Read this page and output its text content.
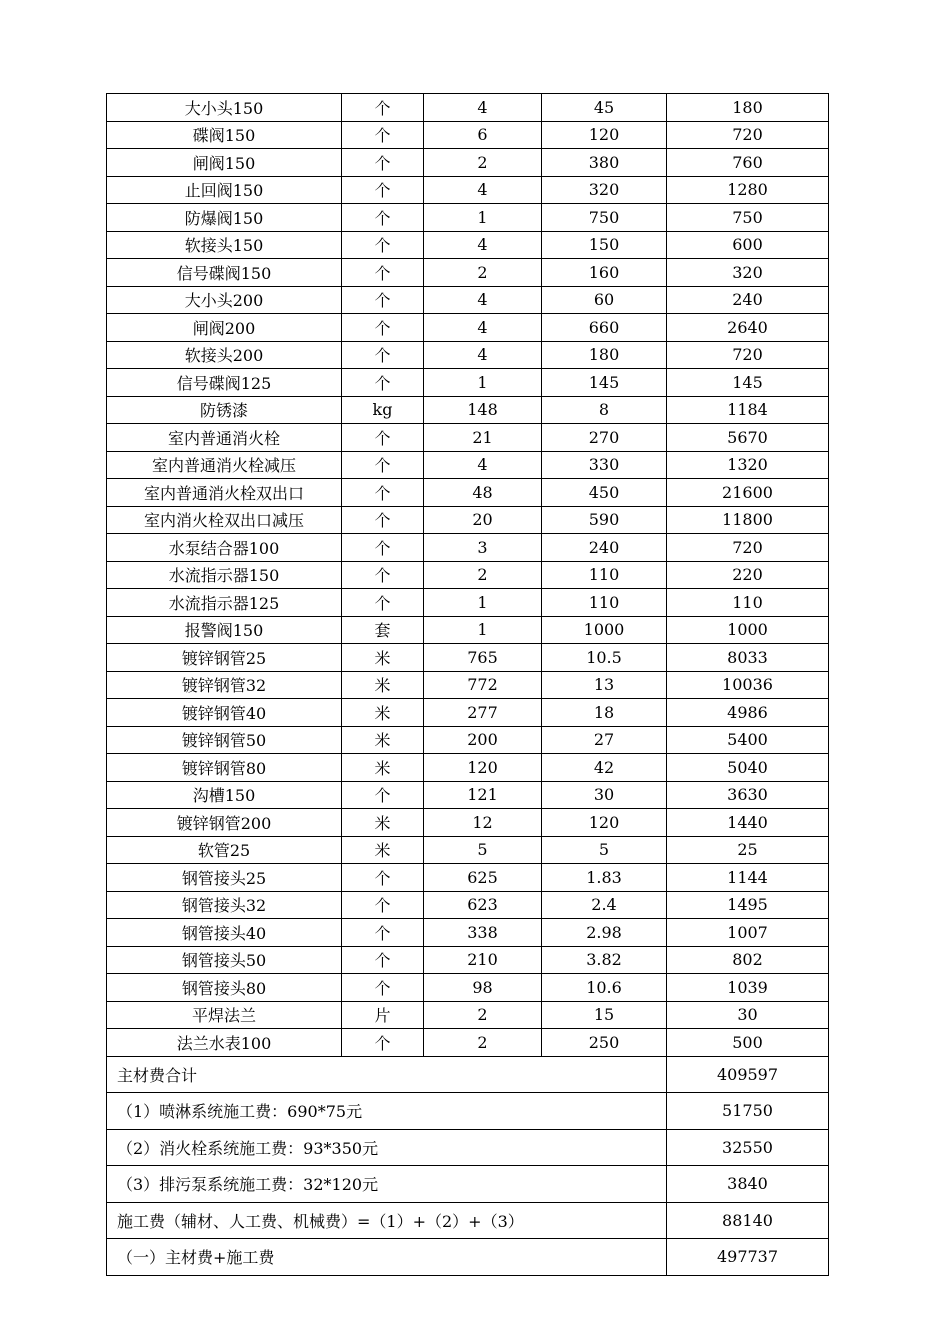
大小头150	个	4	45	180
碟阀150	个	6	120	720
闸阀150	个	2	380	760
止回阀150	个	4	320	1280
防爆阀150	个	1	750	750
软接头150	个	4	150	600
信号碟阀150	个	2	160	320
大小头200	个	4	60	240
闸阀200	个	4	660	2640
软接头200	个	4	180	720
信号碟阀125	个	1	145	145
防锈漆	kg	148	8	1184
室内普通消火栓	个	21	270	5670
室内普通消火栓减压	个	4	330	1320
室内普通消火栓双出口	个	48	450	21600
室内消火栓双出口减压	个	20	590	11800
水泵结合器100	个	3	240	720
水流指示器150	个	2	110	220
水流指示器125	个	1	110	110
报警阀150	套	1	1000	1000
镀锌钢管25	米	765	10.5	8033
镀锌钢管32	米	772	13	10036
镀锌钢管40	米	277	18	4986
镀锌钢管50	米	200	27	5400
镀锌钢管80	米	120	42	5040
沟槽150	个	121	30	3630
镀锌钢管200	米	12	120	1440
软管25	米	5	5	25
钢管接头25	个	625	1.83	1144
钢管接头32	个	623	2.4	1495
钢管接头40	个	338	2.98	1007
钢管接头50	个	210	3.82	802
钢管接头80	个	98	10.6	1039
平焊法兰	片	2	15	30
法兰水表100	个	2	250	500
主材费合计				409597
（1）喷淋系统施工费：690*75元				51750
（2）消火栓系统施工费：93*350元				32550
（3）排污泵系统施工费：32*120元				3840
施工费（辅材、人工费、机械费）=（1）+（2）+（3）				88140
（一）主材费+施工费				497737
